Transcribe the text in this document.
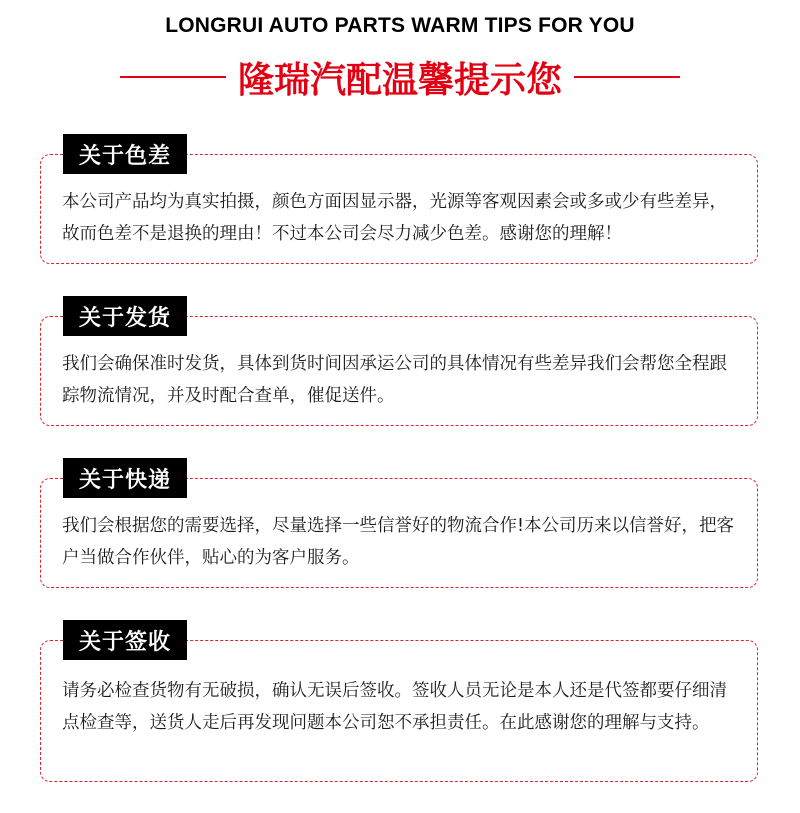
LONGRUI AUTO PARTS WARM TIPS FOR YOU
隆瑞汽配温馨提示您
关于色差
本公司产品均为真实拍摄，颜色方面因显示器，光源等客观因素会或多或少有些差异，故而色差不是退换的理由！不过本公司会尽力减少色差。感谢您的理解！
关于发货
我们会确保准时发货，具体到货时间因承运公司的具体情况有些差异我们会帮您全程跟踪物流情况，并及时配合查单，催促送件。
关于快递
我们会根据您的需要选择，尽量选择一些信誉好的物流合作!本公司历来以信誉好，把客户当做合作伙伴，贴心的为客户服务。
关于签收
请务必检查货物有无破损，确认无误后签收。签收人员无论是本人还是代签都要仔细清点检查等，送货人走后再发现问题本公司恕不承担责任。在此感谢您的理解与支持。
